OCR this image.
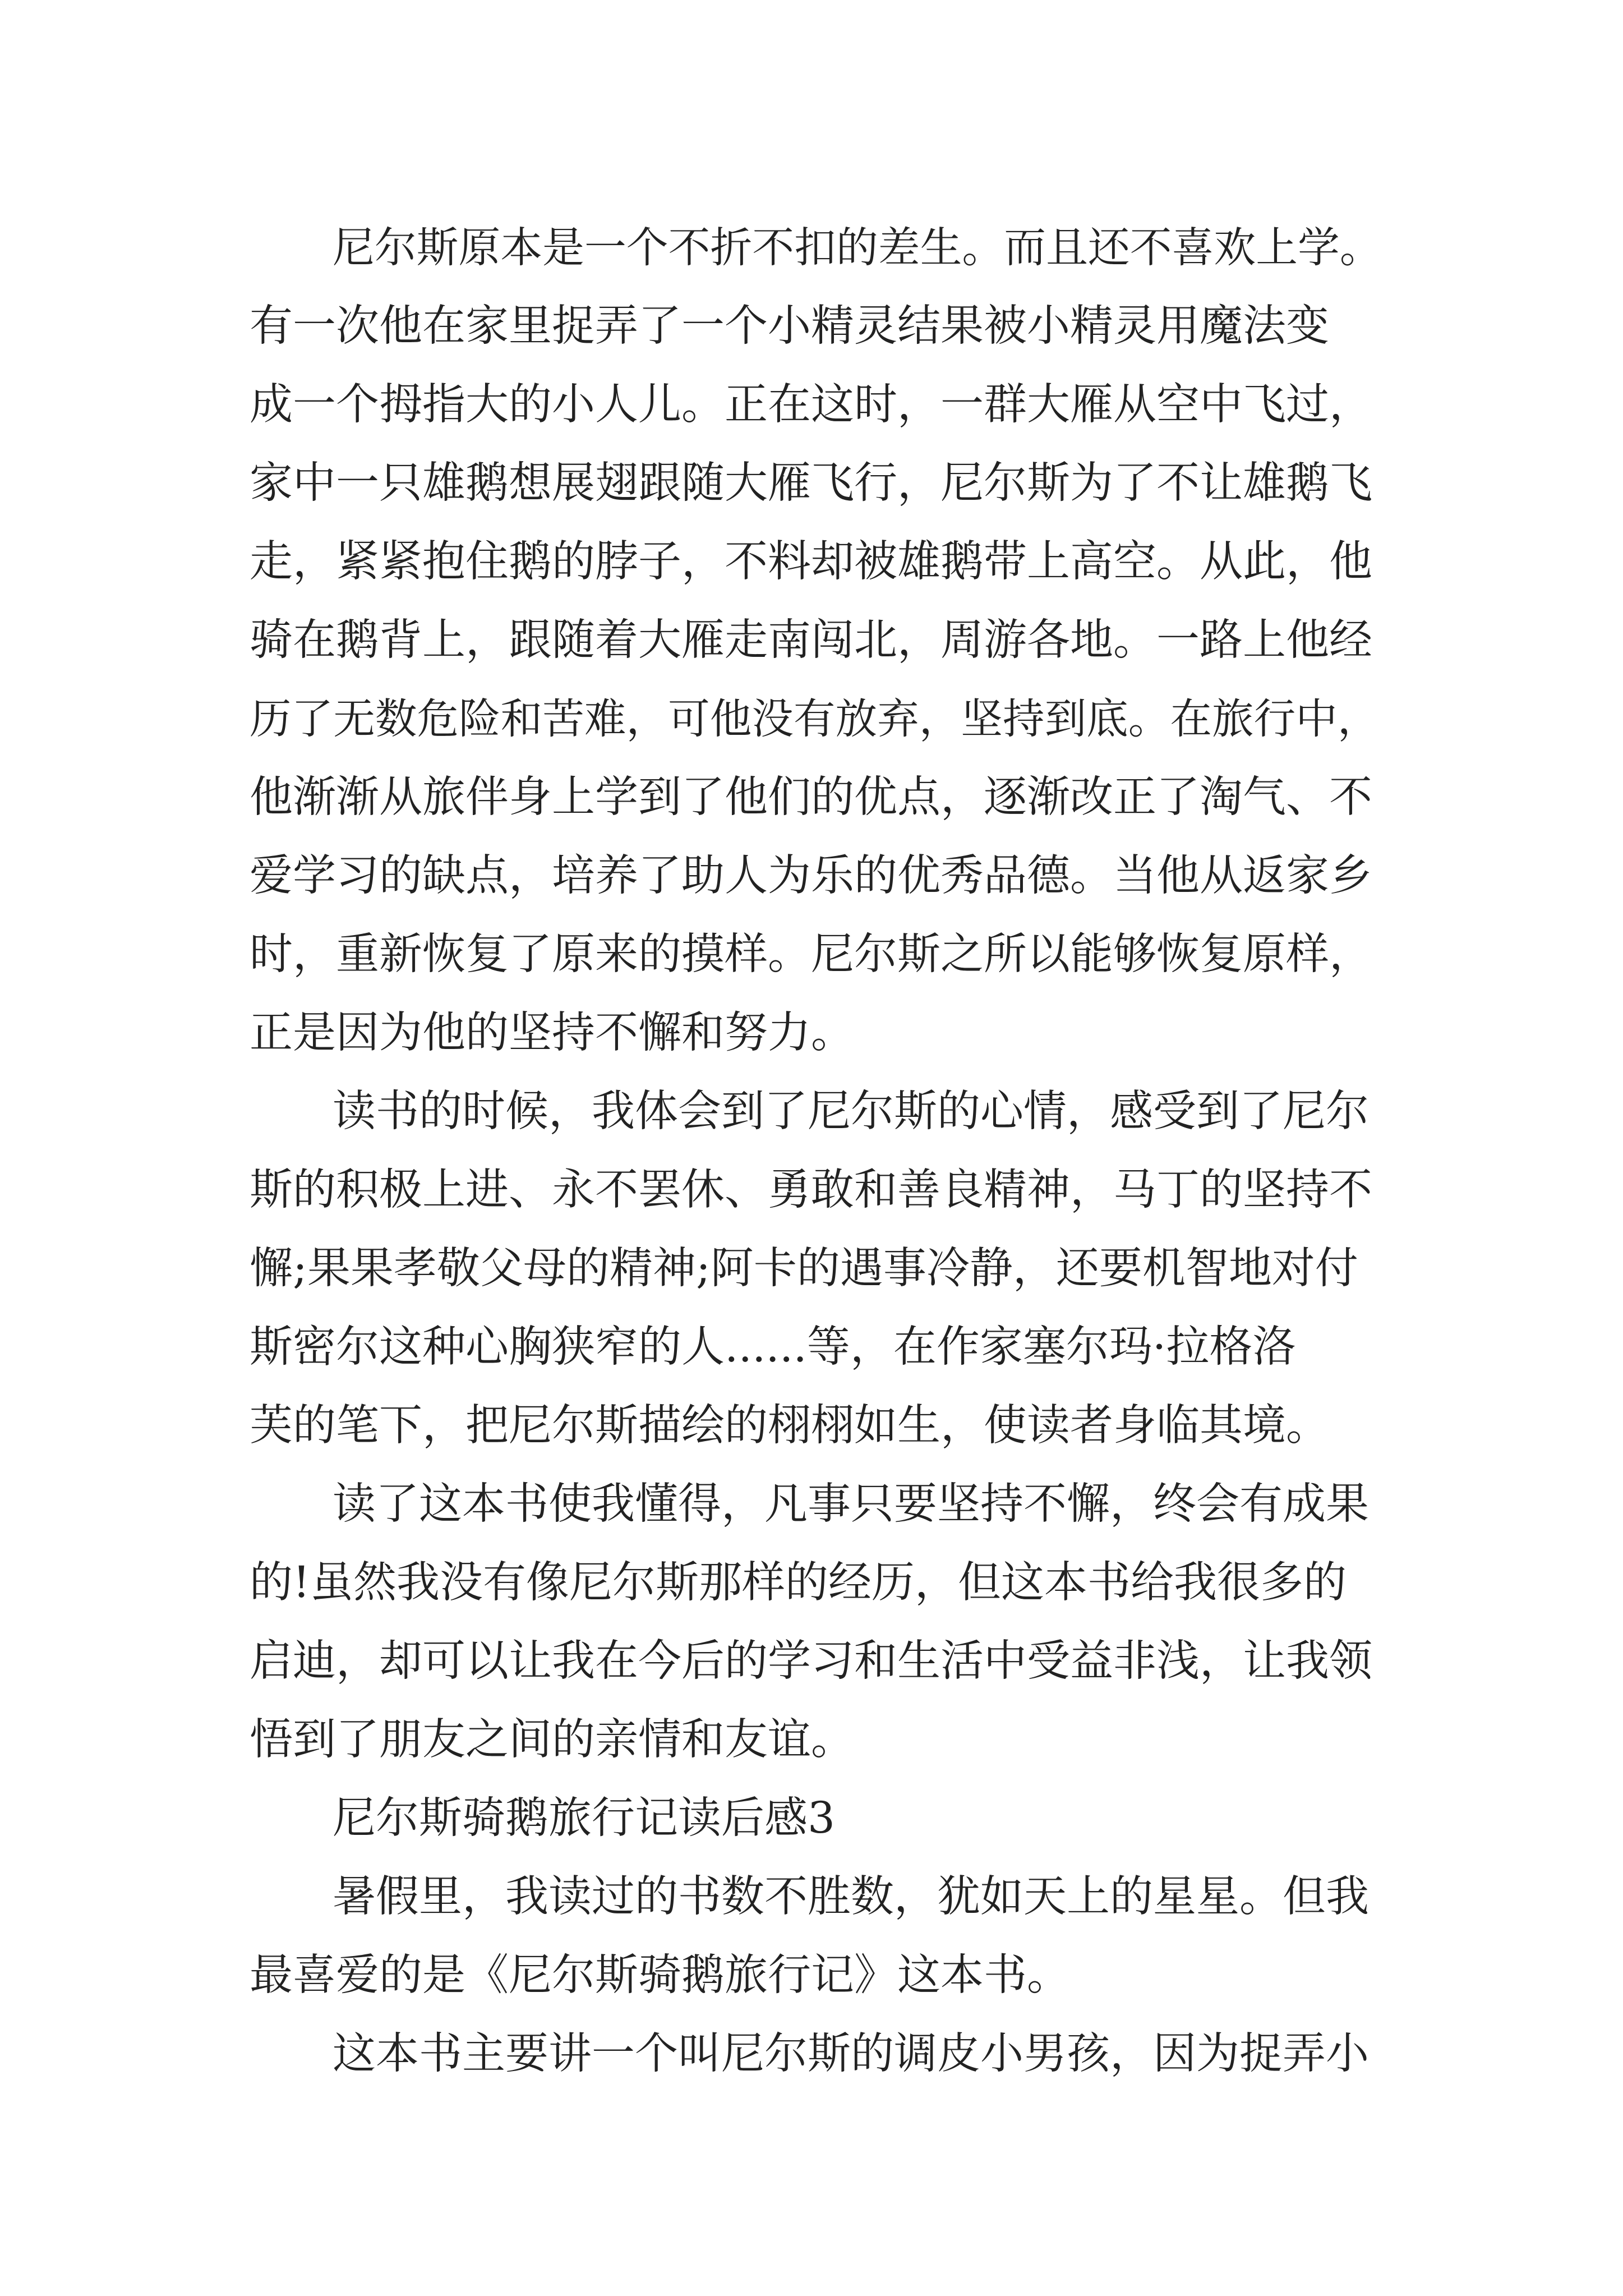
尼尔斯原本是一个不折不扣的差生。而且还不喜欢上学。
有一次他在家里捉弄了一个小精灵结果被小精灵用魔法变
成一个拇指大的小人儿。正在这时，一群大雁从空中飞过，
家中一只雄鹅想展翅跟随大雁飞行，尼尔斯为了不让雄鹅飞
走，紧紧抱住鹅的脖子，不料却被雄鹅带上高空。从此，他
骑在鹅背上，跟随着大雁走南闯北，周游各地。一路上他经
历了无数危险和苦难，可他没有放弃，坚持到底。在旅行中，
他渐渐从旅伴身上学到了他们的优点，逐渐改正了淘气、不
爱学习的缺点，培养了助人为乐的优秀品德。当他从返家乡
时，重新恢复了原来的摸样。尼尔斯之所以能够恢复原样，
正是因为他的坚持不懈和努力。
读书的时候，我体会到了尼尔斯的心情，感受到了尼尔
斯的积极上进、永不罢休、勇敢和善良精神，马丁的坚持不
懈;果果孝敬父母的精神;阿卡的遇事冷静，还要机智地对付
斯密尔这种心胸狭窄的人......等，在作家塞尔玛·拉格洛
芙的笔下，把尼尔斯描绘的栩栩如生，使读者身临其境。
读了这本书使我懂得，凡事只要坚持不懈，终会有成果
的!虽然我没有像尼尔斯那样的经历，但这本书给我很多的
启迪，却可以让我在今后的学习和生活中受益非浅，让我领
悟到了朋友之间的亲情和友谊。
尼尔斯骑鹅旅行记读后感3
暑假里，我读过的书数不胜数，犹如天上的星星。但我
最喜爱的是《尼尔斯骑鹅旅行记》这本书。
这本书主要讲一个叫尼尔斯的调皮小男孩，因为捉弄小
